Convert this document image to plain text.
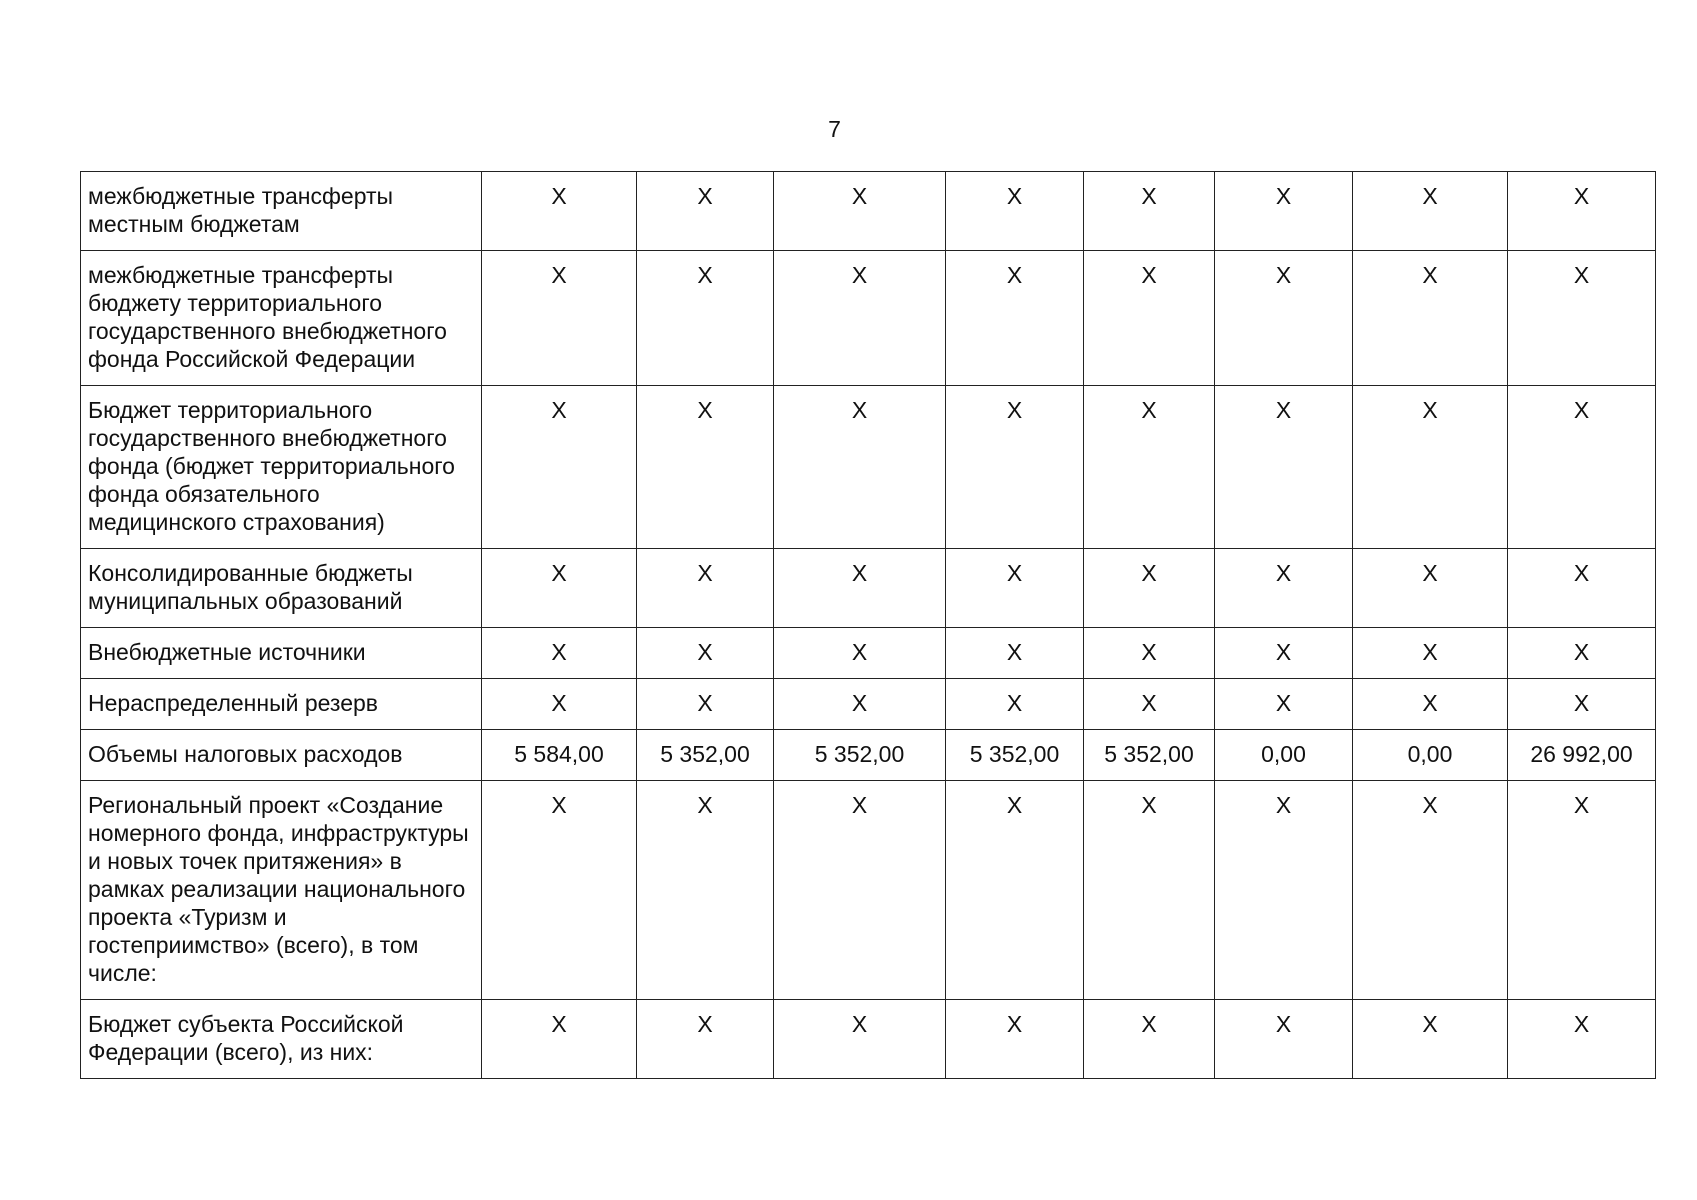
7
межбюджетные трансферты местным бюджетам	X	X	X	X	X	X	X	X
межбюджетные трансферты бюджету территориального государственного внебюджетного фонда Российской Федерации	X	X	X	X	X	X	X	X
Бюджет территориального государственного внебюджетного фонда (бюджет территориального фонда обязательного медицинского страхования)	X	X	X	X	X	X	X	X
Консолидированные бюджеты муниципальных образований	X	X	X	X	X	X	X	X
Внебюджетные источники	X	X	X	X	X	X	X	X
Нераспределенный резерв	X	X	X	X	X	X	X	X
Объемы налоговых расходов	5 584,00	5 352,00	5 352,00	5 352,00	5 352,00	0,00	0,00	26 992,00
Региональный проект «Создание номерного фонда, инфраструктуры и новых точек притяжения» в рамках реализации национального проекта «Туризм и гостеприимство» (всего), в том числе:	X	X	X	X	X	X	X	X
Бюджет субъекта Российской Федерации (всего), из них:	X	X	X	X	X	X	X	X
